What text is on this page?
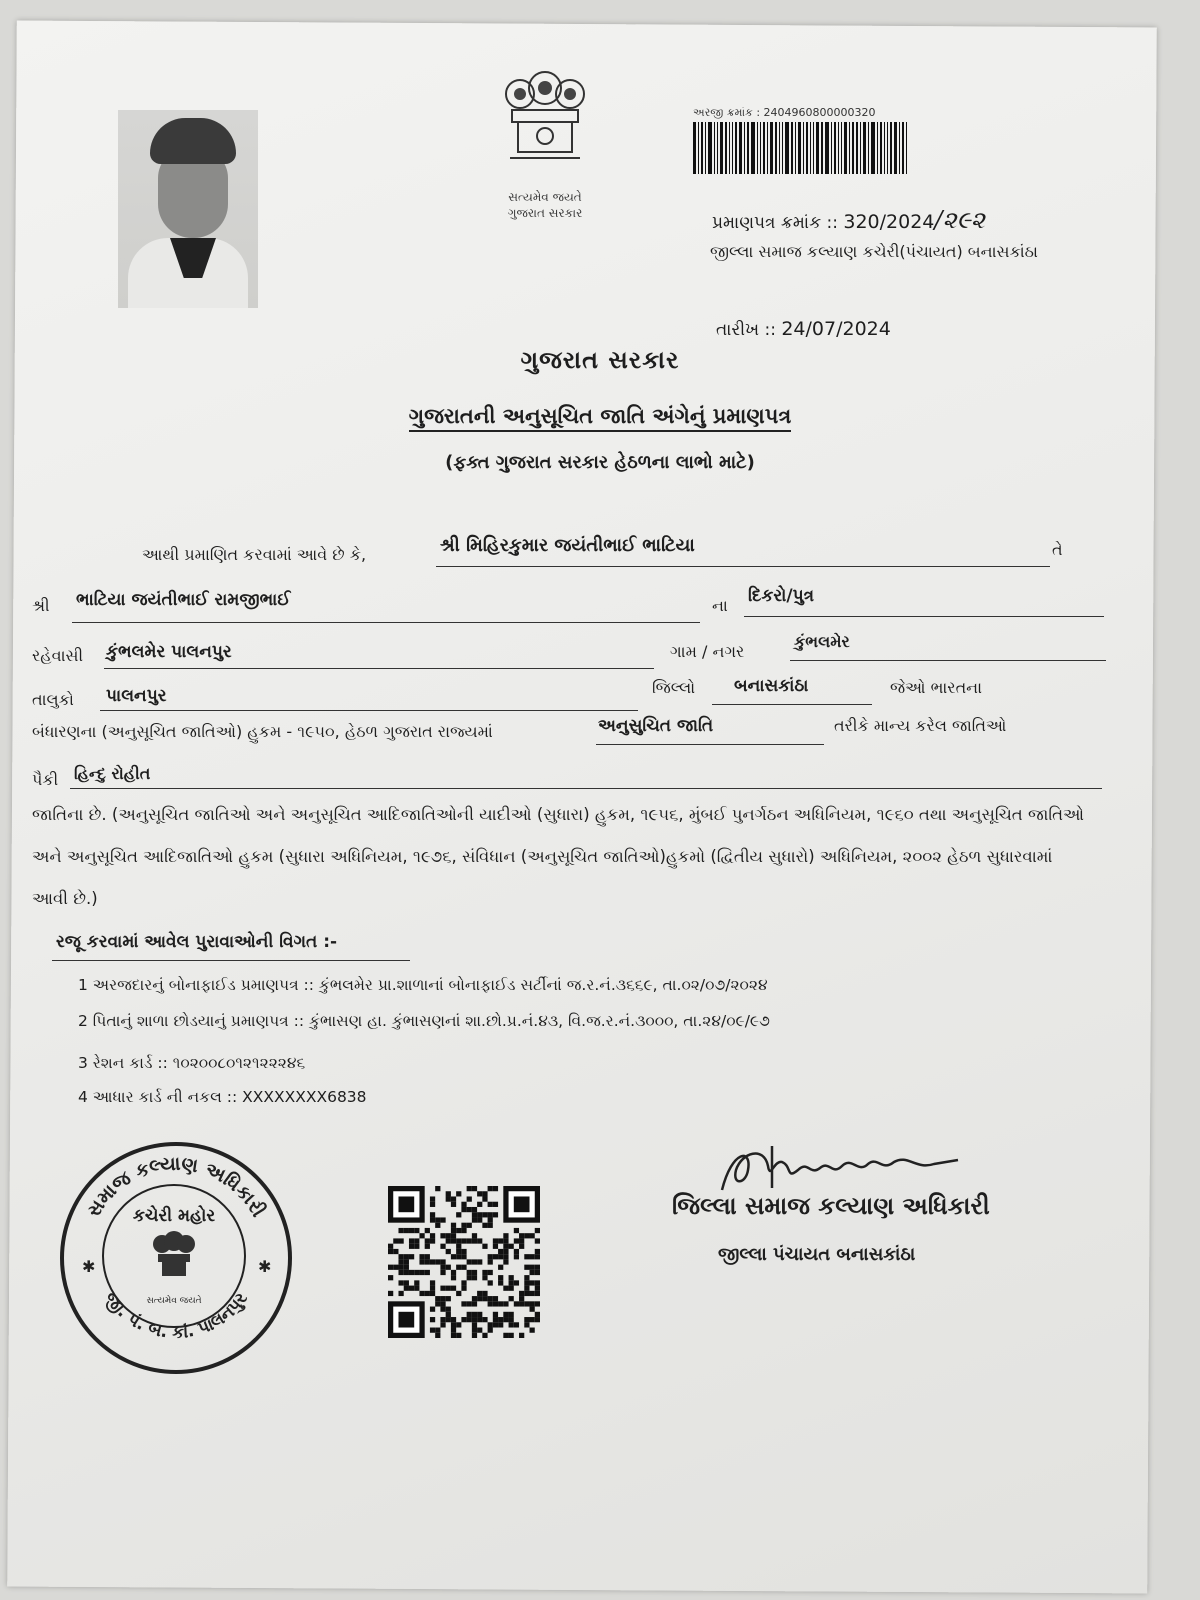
સત્યમેવ જયતે
ગુજરાત સરકાર
અરજી ક્રમાંક : 2404960800000320
પ્રમાણપત્ર ક્રમાંક :: 320/2024/૨૯૨
જીલ્લા સમાજ કલ્યાણ કચેરી(પંચાયત) બનાસકાંઠા
તારીખ :: 24/07/2024
ગુજરાત સરકાર
ગુજરાતની અનુસૂચિત જાતિ અંગેનું પ્રમાણપત્ર
(ફક્ત ગુજરાત સરકાર હેઠળના લાભો માટે)
આથી પ્રમાણિત કરવામાં આવે છે કે,	શ્રી મિહિરકુમાર જયંતીભાઈ ભાટિયા	તે
શ્રી ભાટિયા જયંતીભાઈ રામજીભાઈ	ના દિકરો/પુત્ર
રહેવાસી કુંભલમેર પાલનપુર	ગામ / નગર
કુંભલમેર
તાલુકો પાલનપુર	જિલ્લો બનાસકાંઠા	જેઓ ભારતના
બંધારણના (અનુસૂચિત જાતિઓ) હુકમ - ૧૯૫૦, હેઠળ ગુજરાત રાજ્યમાં	અનુસુચિત જાતિ	તરીકે માન્ય કરેલ જાતિઓ
પૈકી હિન્દુ રોહીત
જાતિના છે. (અનુસૂચિત જાતિઓ અને અનુસૂચિત આદિજાતિઓની યાદીઓ (સુધારા) હુકમ, ૧૯૫૬, મુંબઈ પુનર્ગઠન અધિનિયમ, ૧૯૬૦ તથા અનુસૂચિત જાતિઓ અને અનુસૂચિત આદિજાતિઓ હુકમ (સુધારા અધિનિયમ, ૧૯૭૬, સંવિધાન (અનુસૂચિત જાતિઓ)હુકમો (દ્વિતીય સુધારો) અધિનિયમ, ૨૦૦૨ હેઠળ સુધારવામાં આવી છે.)
રજૂ કરવામાં આવેલ પુરાવાઓની વિગત :-
1 અરજદારનું બોનાફાઈડ પ્રમાણપત્ર :: કુંભલમેર પ્રા.શાળાનાં બોનાફાઈડ સર્ટીનાં જ.ર.નં.૩૬૬૯, તા.૦૨/૦૭/૨૦૨૪
2 પિતાનું શાળા છોડયાનું પ્રમાણપત્ર :: કુંભાસણ હા. કુંભાસણનાં શા.છો.પ્ર.નં.૪૩, વિ.જ.ર.નં.૩૦૦૦, તા.૨૪/૦૯/૯૭
3 રેશન કાર્ડ :: ૧૦૨૦૦૮૦૧૨૧૨૨૨૪૬
4 આધાર કાર્ડ ની નકલ :: XXXXXXXX6838
સમાજ કલ્યાણ અધિકારી
જી. પં. બ. કાં. પાલનપુર
✱	✱
કચેરી મહોર
સત્યમેવ જયતે
જિલ્લા સમાજ કલ્યાણ અધિકારી
જીલ્લા પંચાયત બનાસકાંઠા
